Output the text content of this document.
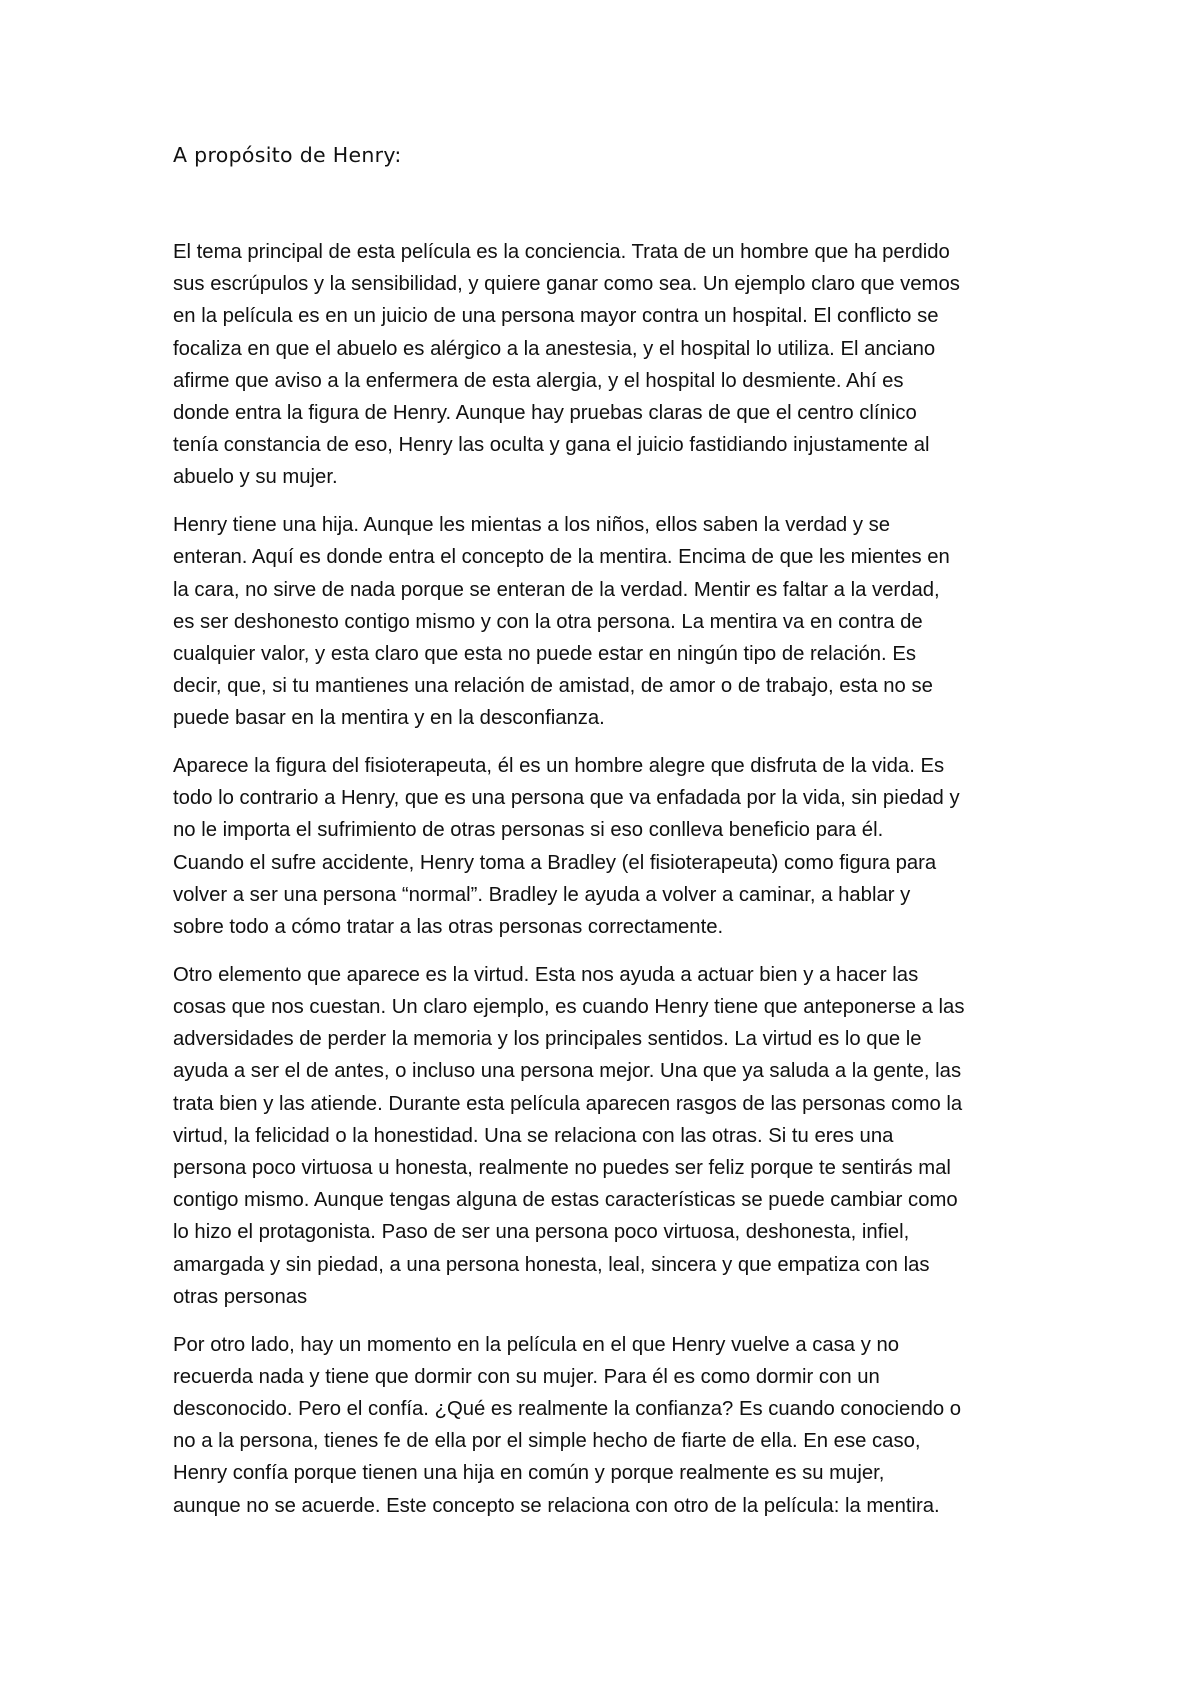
A propósito de Henry:

El tema principal de esta película es la conciencia. Trata de un hombre que ha perdido
sus escrúpulos y la sensibilidad, y quiere ganar como sea. Un ejemplo claro que vemos
en la película es en un juicio de una persona mayor contra un hospital. El conflicto se
focaliza en que el abuelo es alérgico a la anestesia, y el hospital lo utiliza. El anciano
afirme que aviso a la enfermera de esta alergia, y el hospital lo desmiente. Ahí es
donde entra la figura de Henry. Aunque hay pruebas claras de que el centro clínico
tenía constancia de eso, Henry las oculta y gana el juicio fastidiando injustamente al
abuelo y su mujer.

Henry tiene una hija. Aunque les mientas a los niños, ellos saben la verdad y se
enteran. Aquí es donde entra el concepto de la mentira. Encima de que les mientes en
la cara, no sirve de nada porque se enteran de la verdad. Mentir es faltar a la verdad,
es ser deshonesto contigo mismo y con la otra persona. La mentira va en contra de
cualquier valor, y esta claro que esta no puede estar en ningún tipo de relación. Es
decir, que, si tu mantienes una relación de amistad, de amor o de trabajo, esta no se
puede basar en la mentira y en la desconfianza.

Aparece la figura del fisioterapeuta, él es un hombre alegre que disfruta de la vida. Es
todo lo contrario a Henry, que es una persona que va enfadada por la vida, sin piedad y
no le importa el sufrimiento de otras personas si eso conlleva beneficio para él.
Cuando el sufre accidente, Henry toma a Bradley (el fisioterapeuta) como figura para
volver a ser una persona “normal”. Bradley le ayuda a volver a caminar, a hablar y
sobre todo a cómo tratar a las otras personas correctamente.

Otro elemento que aparece es la virtud. Esta nos ayuda a actuar bien y a hacer las
cosas que nos cuestan. Un claro ejemplo, es cuando Henry tiene que anteponerse a las
adversidades de perder la memoria y los principales sentidos. La virtud es lo que le
ayuda a ser el de antes, o incluso una persona mejor. Una que ya saluda a la gente, las
trata bien y las atiende. Durante esta película aparecen rasgos de las personas como la
virtud, la felicidad o la honestidad. Una se relaciona con las otras. Si tu eres una
persona poco virtuosa u honesta, realmente no puedes ser feliz porque te sentirás mal
contigo mismo. Aunque tengas alguna de estas características se puede cambiar como
lo hizo el protagonista. Paso de ser una persona poco virtuosa, deshonesta, infiel,
amargada y sin piedad, a una persona honesta, leal, sincera y que empatiza con las
otras personas

Por otro lado, hay un momento en la película en el que Henry vuelve a casa y no
recuerda nada y tiene que dormir con su mujer. Para él es como dormir con un
desconocido. Pero el confía. ¿Qué es realmente la confianza? Es cuando conociendo o
no a la persona, tienes fe de ella por el simple hecho de fiarte de ella. En ese caso,
Henry confía porque tienen una hija en común y porque realmente es su mujer,
aunque no se acuerde. Este concepto se relaciona con otro de la película: la mentira.
